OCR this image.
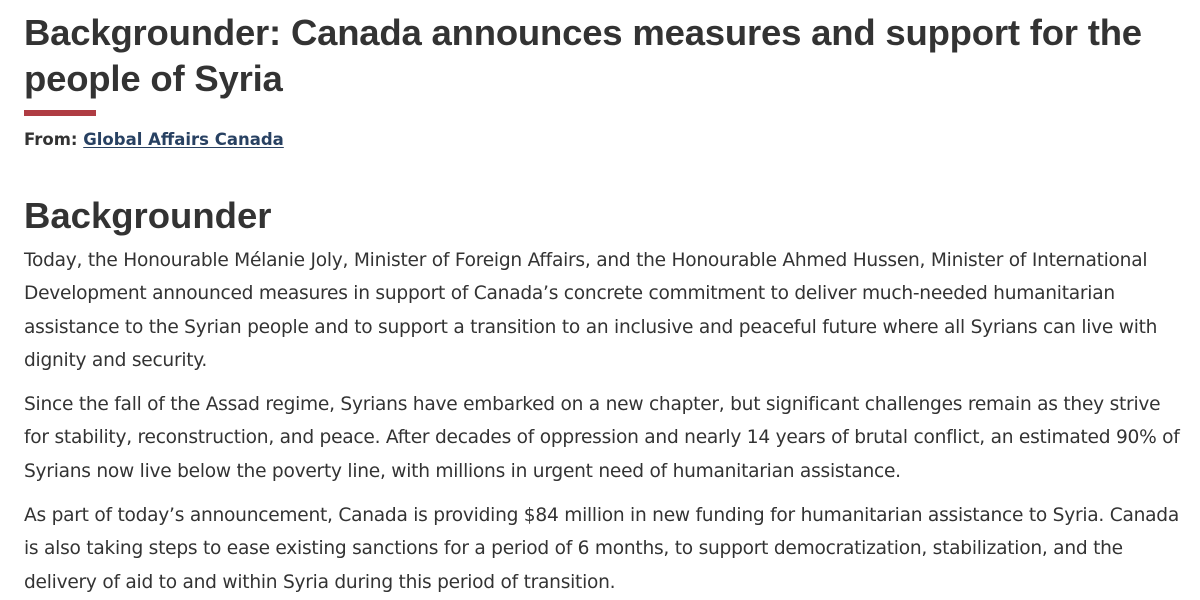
Backgrounder: Canada announces measures and support for the people of Syria
From: Global Affairs Canada
Backgrounder

Today, the Honourable Mélanie Joly, Minister of Foreign Affairs, and the Honourable Ahmed Hussen, Minister of International Development announced measures in support of Canada’s concrete commitment to deliver much-needed humanitarian assistance to the Syrian people and to support a transition to an inclusive and peaceful future where all Syrians can live with dignity and security.

Since the fall of the Assad regime, Syrians have embarked on a new chapter, but significant challenges remain as they strive for stability, reconstruction, and peace. After decades of oppression and nearly 14 years of brutal conflict, an estimated 90% of Syrians now live below the poverty line, with millions in urgent need of humanitarian assistance.

As part of today’s announcement, Canada is providing $84 million in new funding for humanitarian assistance to Syria. Canada is also taking steps to ease existing sanctions for a period of 6 months, to support democratization, stabilization, and the delivery of aid to and within Syria during this period of transition.
